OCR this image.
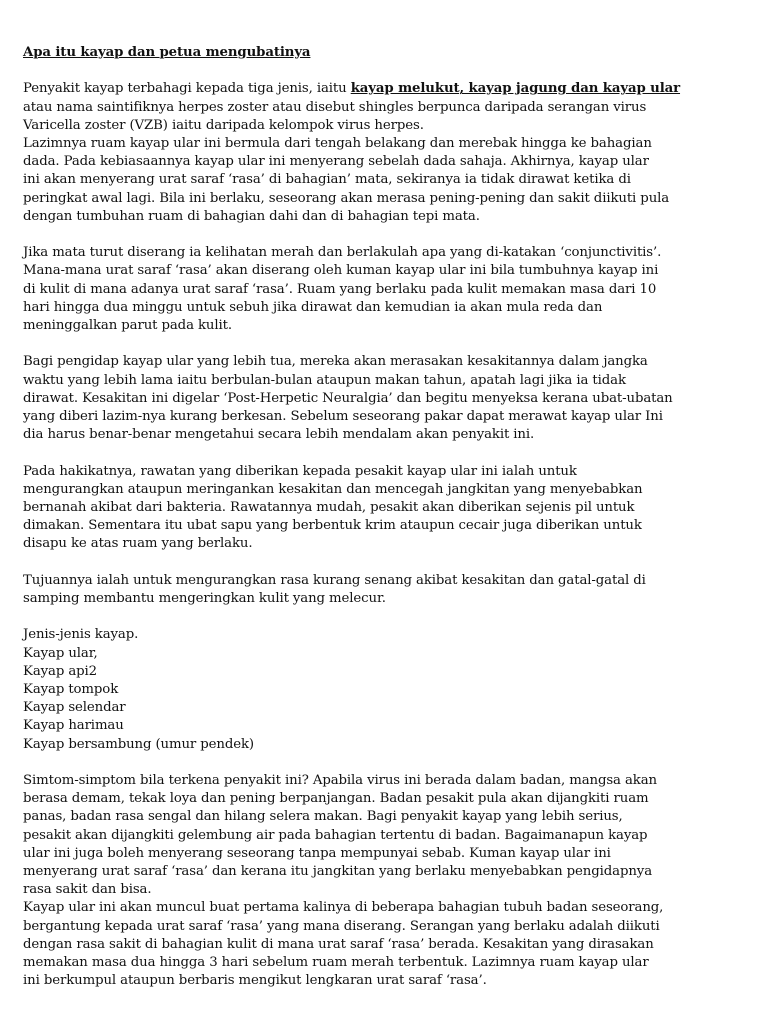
Apa itu kayap dan petua mengubatinya
Penyakit kayap terbahagi kepada tiga jenis, iaitu kayap melukut, kayap jagung dan kayap ular
atau nama saintifiknya herpes zoster atau disebut shingles berpunca daripada serangan virus
Varicella zoster (VZB) iaitu daripada kelompok virus herpes.
Lazimnya ruam kayap ular ini bermula dari tengah belakang dan merebak hingga ke bahagian
dada. Pada kebiasaannya kayap ular ini menyerang sebelah dada sahaja. Akhirnya, kayap ular
ini akan menyerang urat saraf ‘rasa’ di bahagian’ mata, sekiranya ia tidak dirawat ketika di
peringkat awal lagi. Bila ini berlaku, seseorang akan merasa pening-pening dan sakit diikuti pula
dengan tumbuhan ruam di bahagian dahi dan di bahagian tepi mata.
Jika mata turut diserang ia kelihatan merah dan berlakulah apa yang di-katakan ‘conjunctivitis’.
Mana-mana urat saraf ‘rasa’ akan diserang oleh kuman kayap ular ini bila tumbuhnya kayap ini
di kulit di mana adanya urat saraf ‘rasa’. Ruam yang berlaku pada kulit memakan masa dari 10
hari hingga dua minggu untuk sebuh jika dirawat dan kemudian ia akan mula reda dan
meninggalkan parut pada kulit.
Bagi pengidap kayap ular yang lebih tua, mereka akan merasakan kesakitannya dalam jangka
waktu yang lebih lama iaitu berbulan-bulan ataupun makan tahun, apatah lagi jika ia tidak
dirawat. Kesakitan ini digelar ‘Post-Herpetic Neuralgia’ dan begitu menyeksa kerana ubat-ubatan
yang diberi lazim-nya kurang berkesan. Sebelum seseorang pakar dapat merawat kayap ular Ini
dia harus benar-benar mengetahui secara lebih mendalam akan penyakit ini.
Pada hakikatnya, rawatan yang diberikan kepada pesakit kayap ular ini ialah untuk
mengurangkan ataupun meringankan kesakitan dan mencegah jangkitan yang menyebabkan
bernanah akibat dari bakteria. Rawatannya mudah, pesakit akan diberikan sejenis pil untuk
dimakan. Sementara itu ubat sapu yang berbentuk krim ataupun cecair juga diberikan untuk
disapu ke atas ruam yang berlaku.
Tujuannya ialah untuk mengurangkan rasa kurang senang akibat kesakitan dan gatal-gatal di
samping membantu mengeringkan kulit yang melecur.
Jenis-jenis kayap.
Kayap ular,
Kayap api2
Kayap tompok
Kayap selendar
Kayap harimau
Kayap bersambung (umur pendek)
Simtom-simptom bila terkena penyakit ini? Apabila virus ini berada dalam badan, mangsa akan
berasa demam, tekak loya dan pening berpanjangan. Badan pesakit pula akan dijangkiti ruam
panas, badan rasa sengal dan hilang selera makan. Bagi penyakit kayap yang lebih serius,
pesakit akan dijangkiti gelembung air pada bahagian tertentu di badan. Bagaimanapun kayap
ular ini juga boleh menyerang seseorang tanpa mempunyai sebab. Kuman kayap ular ini
menyerang urat saraf ‘rasa’ dan kerana itu jangkitan yang berlaku menyebabkan pengidapnya
rasa sakit dan bisa.
Kayap ular ini akan muncul buat pertama kalinya di beberapa bahagian tubuh badan seseorang,
bergantung kepada urat saraf ‘rasa’ yang mana diserang. Serangan yang berlaku adalah diikuti
dengan rasa sakit di bahagian kulit di mana urat saraf ‘rasa’ berada. Kesakitan yang dirasakan
memakan masa dua hingga 3 hari sebelum ruam merah terbentuk. Lazimnya ruam kayap ular
ini berkumpul ataupun berbaris mengikut lengkaran urat saraf ‘rasa’.
